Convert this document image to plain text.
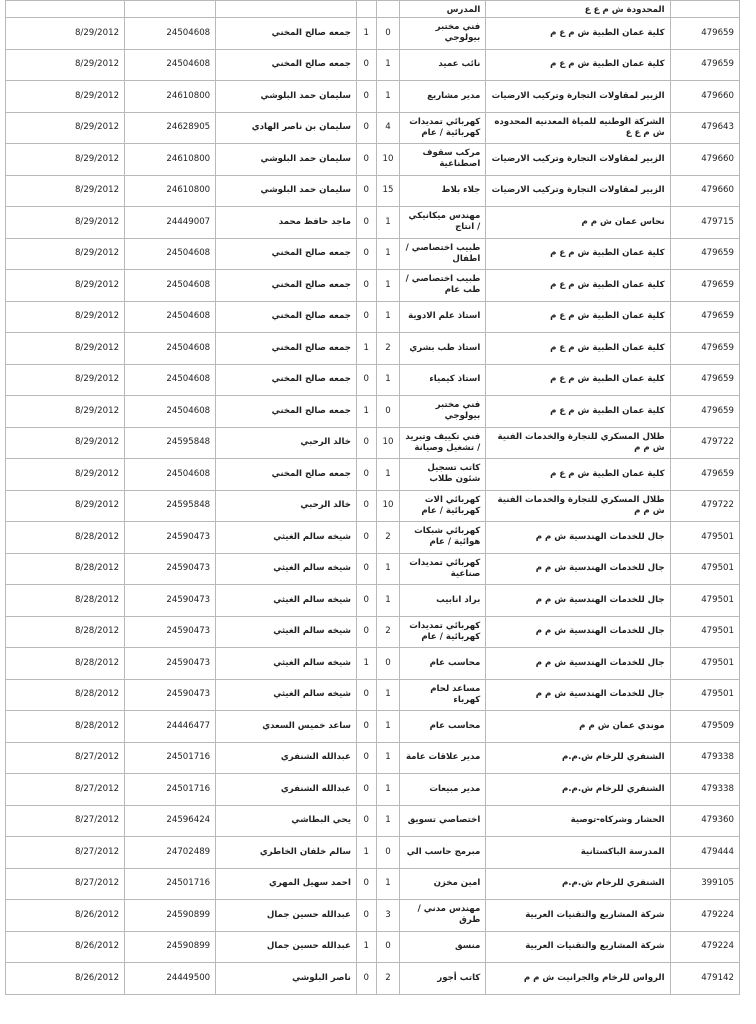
					المدرس	المحدودة ش م ع ع	
8/29/2012	24504608	جمعه صالح المخني	1	0	فني مختبر بيولوجي	كلية عمان الطبية ش م ع م	479659
8/29/2012	24504608	جمعه صالح المخني	0	1	نائب عميد	كلية عمان الطبية ش م ع م	479659
8/29/2012	24610800	سليمان حمد البلوشي	0	1	مدير مشاريع	الزبير لمقاولات التجارة وتركيب الارضيات	479660
8/29/2012	24628905	سليمان بن ناصر الهادي	0	4	كهربائي تمديدات كهربائية / عام	الشركة الوطنيه للمياة المعدنيه المحدوده ش م ع ع	479643
8/29/2012	24610800	سليمان حمد البلوشي	0	10	مركب سقوف اصطناعية	الزبير لمقاولات التجارة وتركيب الارضيات	479660
8/29/2012	24610800	سليمان حمد البلوشي	0	15	جلاء بلاط	الزبير لمقاولات التجارة وتركيب الارضيات	479660
8/29/2012	24449007	ماجد حافظ محمد	0	1	مهندس ميكانيكي / انتاج	نحاس عمان ش م م	479715
8/29/2012	24504608	جمعه صالح المخني	0	1	طبيب اختصاصي / اطفال	كلية عمان الطبية ش م ع م	479659
8/29/2012	24504608	جمعه صالح المخني	0	1	طبيب اختصاصي / طب عام	كلية عمان الطبية ش م ع م	479659
8/29/2012	24504608	جمعه صالح المخني	0	1	استاذ علم الادوية	كلية عمان الطبية ش م ع م	479659
8/29/2012	24504608	جمعه صالح المخني	1	2	استاذ طب بشري	كلية عمان الطبية ش م ع م	479659
8/29/2012	24504608	جمعه صالح المخني	0	1	استاذ كيمياء	كلية عمان الطبية ش م ع م	479659
8/29/2012	24504608	جمعه صالح المخني	1	0	فني مختبر بيولوجي	كلية عمان الطبية ش م ع م	479659
8/29/2012	24595848	خالد الرحبي	0	10	فني تكييف وتبريد / تشغيل وصيانة	طلال المسكري للتجارة والخدمات الفنية ش م م	479722
8/29/2012	24504608	جمعه صالح المخني	0	1	كاتب تسجيل شئون طلاب	كلية عمان الطبية ش م ع م	479659
8/29/2012	24595848	خالد الرحبي	0	10	كهربائي الات كهربائية / عام	طلال المسكري للتجارة والخدمات الفنية ش م م	479722
8/28/2012	24590473	شيخه سالم الغيثي	0	2	كهربائي شبكات هوائية / عام	جال للخدمات الهندسية ش م م	479501
8/28/2012	24590473	شيخه سالم الغيثي	0	1	كهربائي تمديدات صناعية	جال للخدمات الهندسية ش م م	479501
8/28/2012	24590473	شيخه سالم الغيثي	0	1	براد انابيب	جال للخدمات الهندسية ش م م	479501
8/28/2012	24590473	شيخه سالم الغيثي	0	2	كهربائي تمديدات كهربائية / عام	جال للخدمات الهندسية ش م م	479501
8/28/2012	24590473	شيخه سالم الغيثي	1	0	محاسب عام	جال للخدمات الهندسية ش م م	479501
8/28/2012	24590473	شيخه سالم الغيثي	0	1	مساعد لحام كهرباء	جال للخدمات الهندسية ش م م	479501
8/28/2012	24446477	ساعد خميس السعدي	0	1	محاسب عام	موندي عمان ش م م	479509
8/27/2012	24501716	عبدالله الشنفري	0	1	مدير علاقات عامة	الشنفري للرخام ش.م.م	479338
8/27/2012	24501716	عبدالله الشنفري	0	1	مدير مبيعات	الشنفري للرخام ش.م.م	479338
8/27/2012	24596424	يحي البطاشي	0	1	اختصاصي تسويق	الحشار وشركاه-توصية	479360
8/27/2012	24702489	سالم خلفان الخاطري	1	0	مبرمج حاسب الي	المدرسة الباكستانية	479444
8/27/2012	24501716	احمد سهيل المهري	0	1	امين مخزن	الشنفري للرخام ش.م.م	399105
8/26/2012	24590899	عبدالله حسين جمال	0	3	مهندس مدني / طرق	شركة المشاريع والتقنيات العربية	479224
8/26/2012	24590899	عبدالله حسين جمال	1	0	منسق	شركة المشاريع والتقنيات العربية	479224
8/26/2012	24449500	ناصر البلوشي	0	2	كاتب أجور	الرواس للرخام والجرانيت ش م م	479142
